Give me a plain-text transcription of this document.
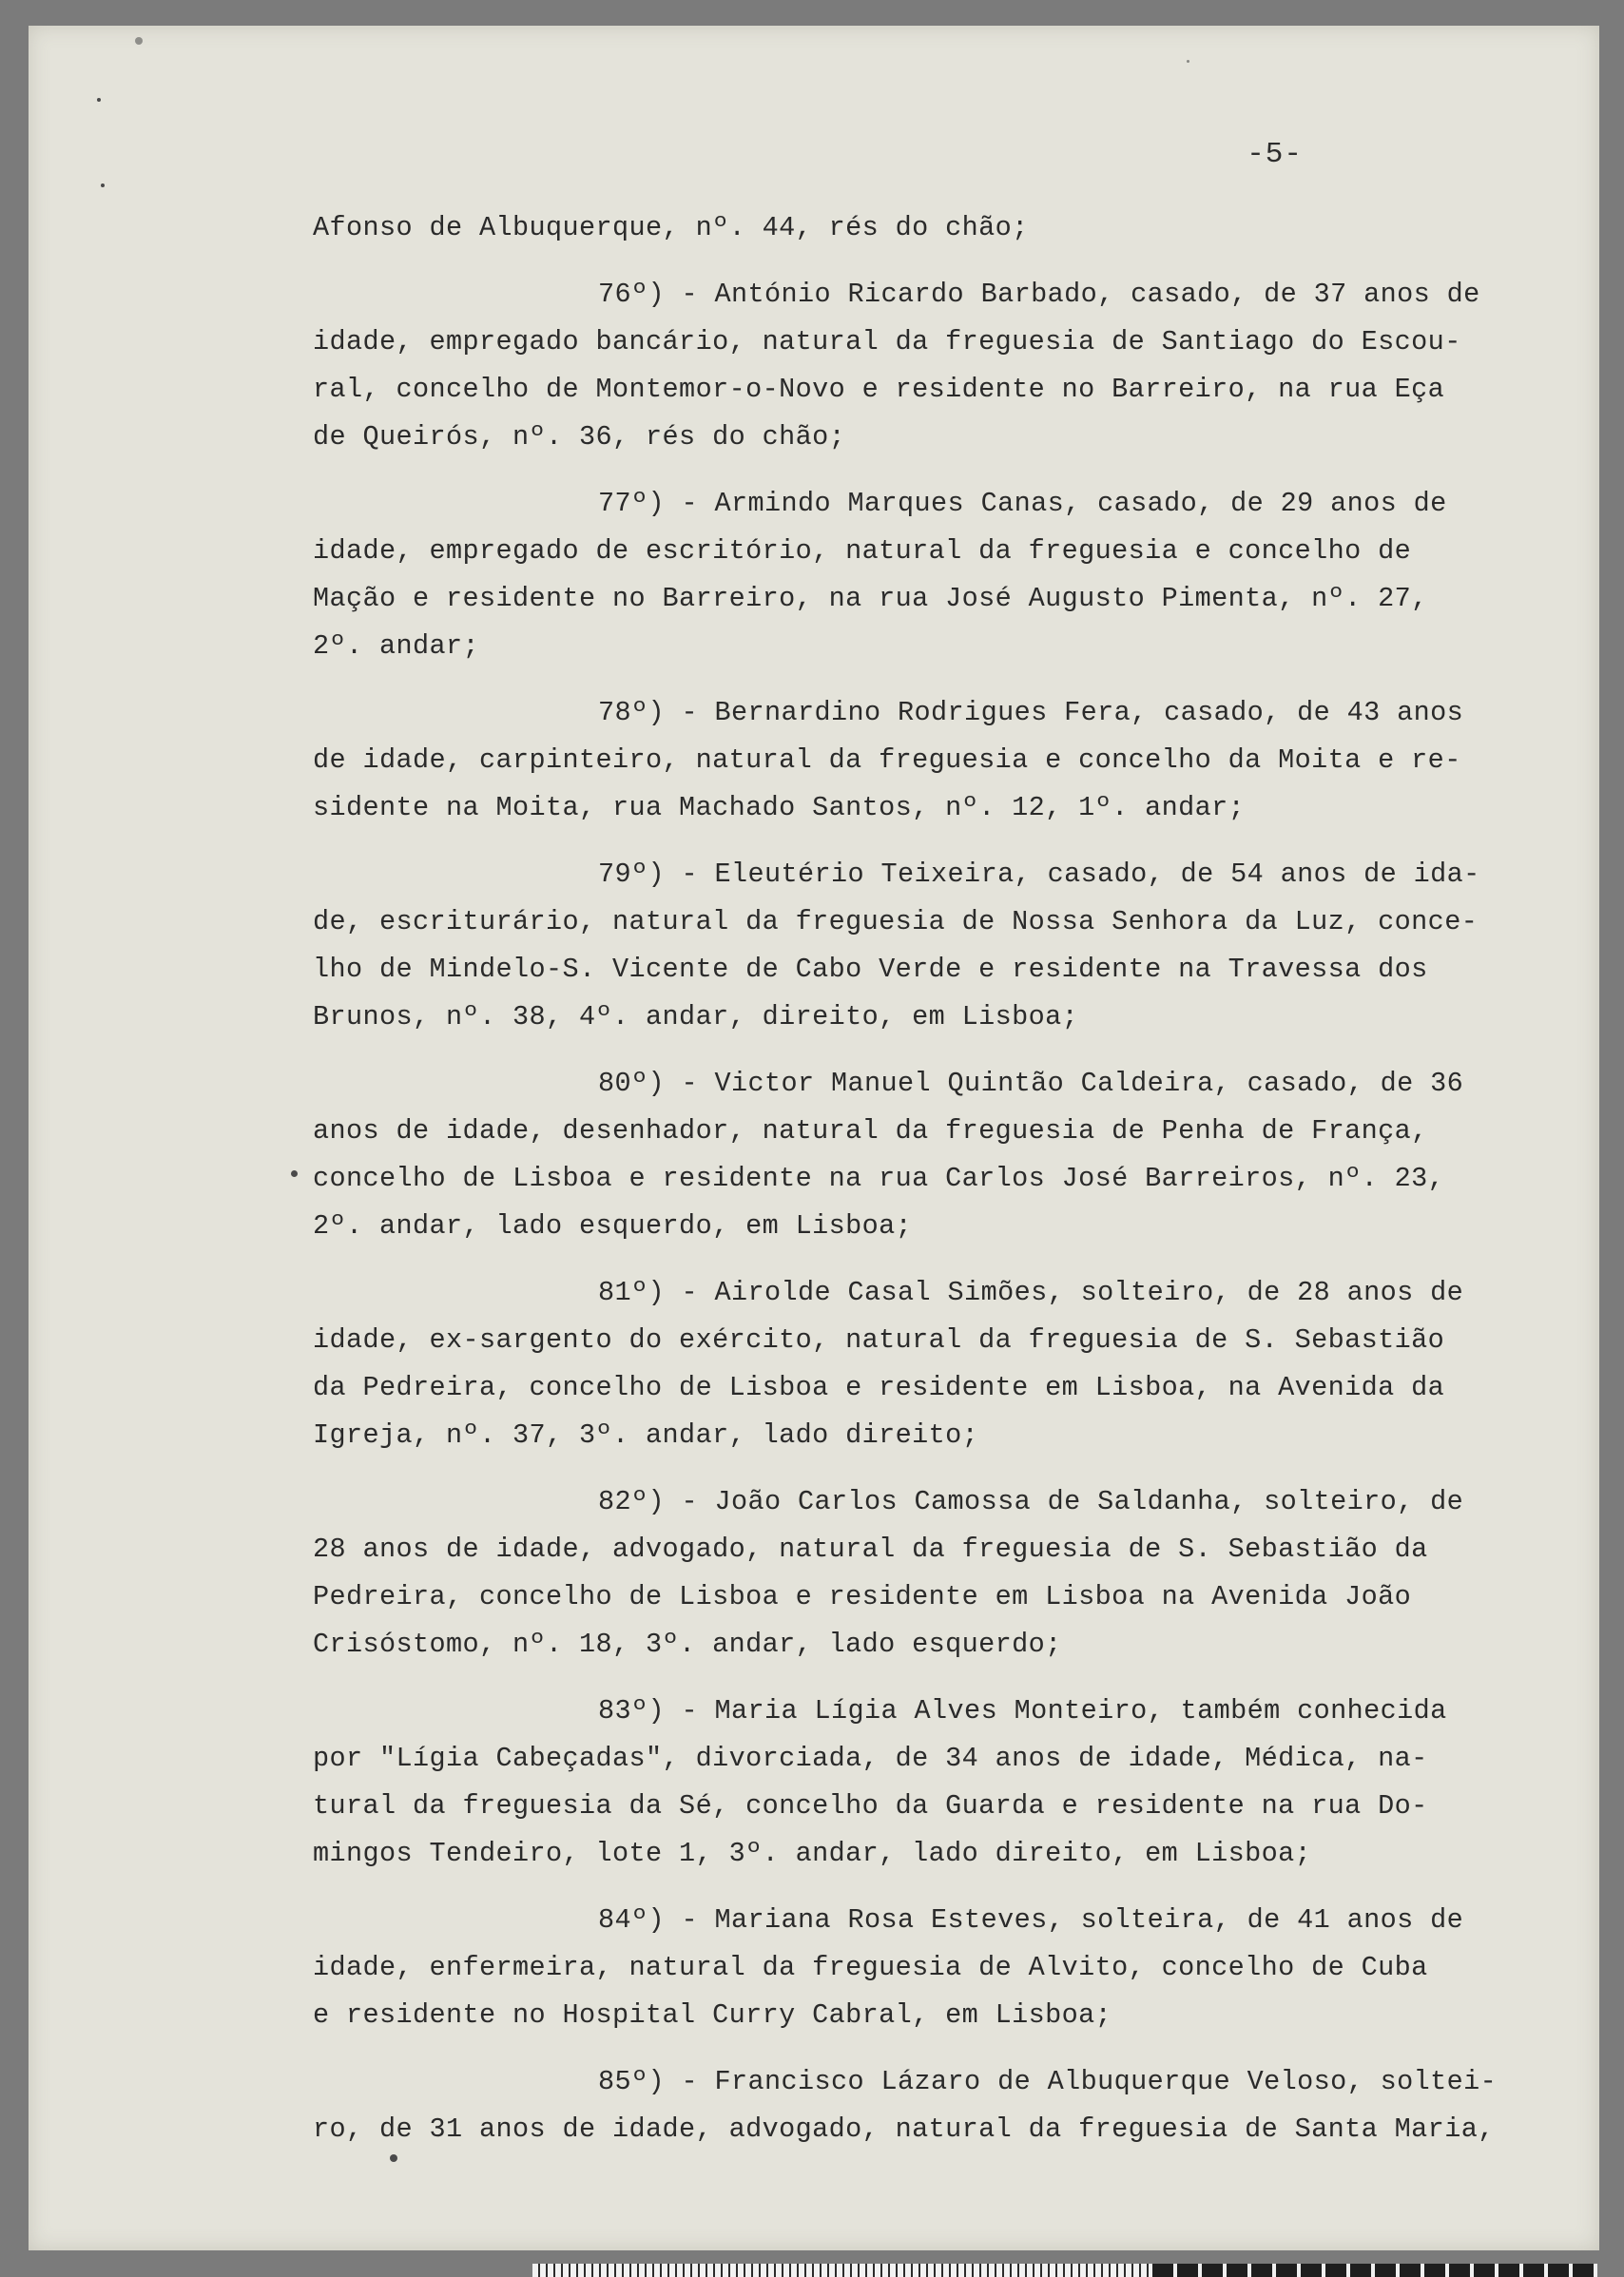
-5-
Afonso de Albuquerque, nº. 44, rés do chão;
76º) - António Ricardo Barbado, casado, de 37 anos de
idade, empregado bancário, natural da freguesia de Santiago do Escou-
ral, concelho de Montemor-o-Novo e residente no Barreiro, na rua Eça
de Queirós, nº. 36, rés do chão;
77º) - Armindo Marques Canas, casado, de 29 anos de
idade, empregado de escritório, natural da freguesia e concelho de
Mação e residente no Barreiro, na rua José Augusto Pimenta, nº. 27,
2º. andar;
78º) - Bernardino Rodrigues Fera, casado, de 43 anos
de idade, carpinteiro, natural da freguesia e concelho da Moita e re-
sidente na Moita, rua Machado Santos, nº. 12, 1º. andar;
79º) - Eleutério Teixeira, casado, de 54 anos de ida-
de, escriturário, natural da freguesia de Nossa Senhora da Luz, conce-
lho de Mindelo-S. Vicente de Cabo Verde e residente na Travessa dos
Brunos, nº. 38, 4º. andar, direito, em Lisboa;
80º) - Victor Manuel Quintão Caldeira, casado, de 36
anos de idade, desenhador, natural da freguesia de Penha de França,
concelho de Lisboa e residente na rua Carlos José Barreiros, nº. 23,
2º. andar, lado esquerdo, em Lisboa;
81º) - Airolde Casal Simões, solteiro, de 28 anos de
idade, ex-sargento do exército, natural da freguesia de S. Sebastião
da Pedreira, concelho de Lisboa e residente em Lisboa, na Avenida da
Igreja, nº. 37, 3º. andar, lado direito;
82º) - João Carlos Camossa de Saldanha, solteiro, de
28 anos de idade, advogado, natural da freguesia de S. Sebastião da
Pedreira, concelho de Lisboa e residente em Lisboa na Avenida João
Crisóstomo, nº. 18, 3º. andar, lado esquerdo;
83º) - Maria Lígia Alves Monteiro, também conhecida
por "Lígia Cabeçadas", divorciada, de 34 anos de idade, Médica, na-
tural da freguesia da Sé, concelho da Guarda e residente na rua Do-
mingos Tendeiro, lote 1, 3º. andar, lado direito, em Lisboa;
84º) - Mariana Rosa Esteves, solteira, de 41 anos de
idade, enfermeira, natural da freguesia de Alvito, concelho de Cuba
e residente no Hospital Curry Cabral, em Lisboa;
85º) - Francisco Lázaro de Albuquerque Veloso, soltei-
ro, de 31 anos de idade, advogado, natural da freguesia de Santa Maria,
